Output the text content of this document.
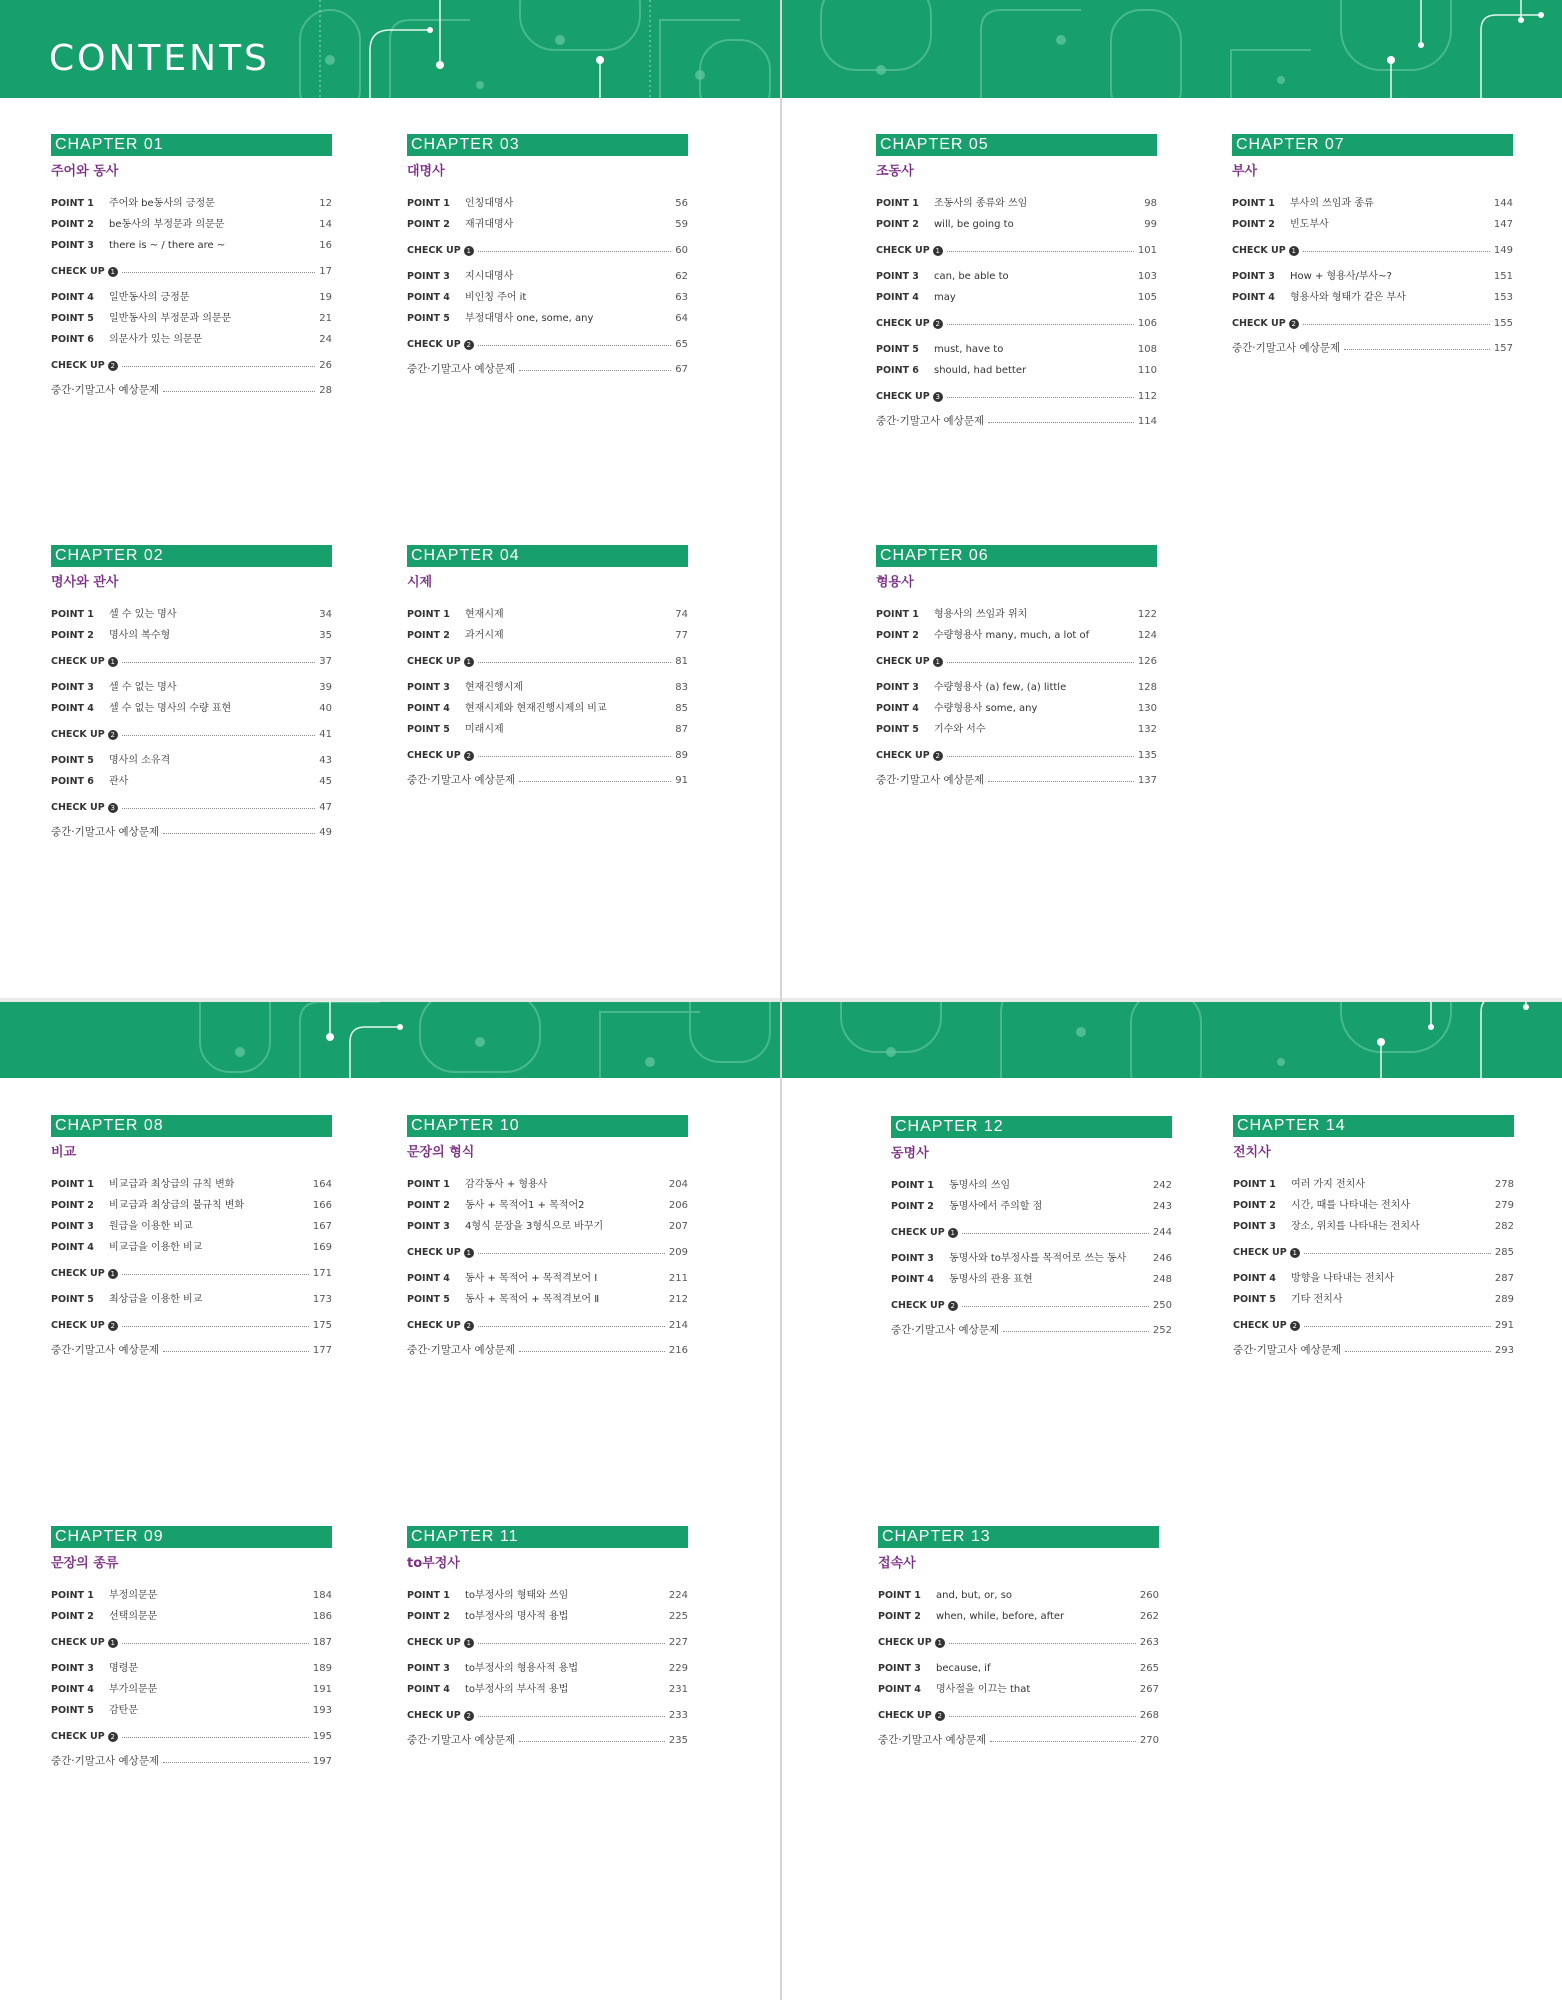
CONTENTS
CHAPTER 01
주어와 동사
POINT 1 주어와 be동사의 긍정문	12
POINT 2 be동사의 부정문과 의문문	14
POINT 3 there is ~ / there are ~	16
CHECK UP 1	17
POINT 4 일반동사의 긍정문	19
POINT 5 일반동사의 부정문과 의문문	21
POINT 6 의문사가 있는 의문문	24
CHECK UP 2	26
중간·기말고사 예상문제	28
CHAPTER 03
대명사
POINT 1 인칭대명사	56
POINT 2 재귀대명사	59
CHECK UP 1	60
POINT 3 지시대명사	62
POINT 4 비인칭 주어 it	63
POINT 5 부정대명사 one, some, any	64
CHECK UP 2	65
중간·기말고사 예상문제	67
CHAPTER 02
명사와 관사
POINT 1 셀 수 있는 명사	34
POINT 2 명사의 복수형	35
CHECK UP 1	37
POINT 3 셀 수 없는 명사	39
POINT 4 셀 수 없는 명사의 수량 표현	40
CHECK UP 2	41
POINT 5 명사의 소유격	43
POINT 6 관사	45
CHECK UP 3	47
중간·기말고사 예상문제	49
CHAPTER 04
시제
POINT 1 현재시제	74
POINT 2 과거시제	77
CHECK UP 1	81
POINT 3 현재진행시제	83
POINT 4 현재시제와 현재진행시제의 비교	85
POINT 5 미래시제	87
CHECK UP 2	89
중간·기말고사 예상문제	91
CHAPTER 05
조동사
POINT 1 조동사의 종류와 쓰임	98
POINT 2 will, be going to	99
CHECK UP 1	101
POINT 3 can, be able to	103
POINT 4 may	105
CHECK UP 2	106
POINT 5 must, have to	108
POINT 6 should, had better	110
CHECK UP 3	112
중간·기말고사 예상문제	114
CHAPTER 07
부사
POINT 1 부사의 쓰임과 종류	144
POINT 2 빈도부사	147
CHECK UP 1	149
POINT 3 How + 형용사/부사~?	151
POINT 4 형용사와 형태가 같은 부사	153
CHECK UP 2	155
중간·기말고사 예상문제	157
CHAPTER 06
형용사
POINT 1 형용사의 쓰임과 위치	122
POINT 2 수량형용사 many, much, a lot of	124
CHECK UP 1	126
POINT 3 수량형용사 (a) few, (a) little	128
POINT 4 수량형용사 some, any	130
POINT 5 기수와 서수	132
CHECK UP 2	135
중간·기말고사 예상문제	137
CHAPTER 08
비교
POINT 1 비교급과 최상급의 규칙 변화	164
POINT 2 비교급과 최상급의 불규칙 변화	166
POINT 3 원급을 이용한 비교	167
POINT 4 비교급을 이용한 비교	169
CHECK UP 1	171
POINT 5 최상급을 이용한 비교	173
CHECK UP 2	175
중간·기말고사 예상문제	177
CHAPTER 10
문장의 형식
POINT 1 감각동사 + 형용사	204
POINT 2 동사 + 목적어1 + 목적어2	206
POINT 3 4형식 문장을 3형식으로 바꾸기	207
CHECK UP 1	209
POINT 4 동사 + 목적어 + 목적격보어 Ⅰ	211
POINT 5 동사 + 목적어 + 목적격보어 Ⅱ	212
CHECK UP 2	214
중간·기말고사 예상문제	216
CHAPTER 09
문장의 종류
POINT 1 부정의문문	184
POINT 2 선택의문문	186
CHECK UP 1	187
POINT 3 명령문	189
POINT 4 부가의문문	191
POINT 5 감탄문	193
CHECK UP 2	195
중간·기말고사 예상문제	197
CHAPTER 11
to부정사
POINT 1 to부정사의 형태와 쓰임	224
POINT 2 to부정사의 명사적 용법	225
CHECK UP 1	227
POINT 3 to부정사의 형용사적 용법	229
POINT 4 to부정사의 부사적 용법	231
CHECK UP 2	233
중간·기말고사 예상문제	235
CHAPTER 12
동명사
POINT 1 동명사의 쓰임	242
POINT 2 동명사에서 주의할 점	243
CHECK UP 1	244
POINT 3 동명사와 to부정사를 목적어로 쓰는 동사	246
POINT 4 동명사의 관용 표현	248
CHECK UP 2	250
중간·기말고사 예상문제	252
CHAPTER 14
전치사
POINT 1 여러 가지 전치사	278
POINT 2 시간, 때를 나타내는 전치사	279
POINT 3 장소, 위치를 나타내는 전치사	282
CHECK UP 1	285
POINT 4 방향을 나타내는 전치사	287
POINT 5 기타 전치사	289
CHECK UP 2	291
중간·기말고사 예상문제	293
CHAPTER 13
접속사
POINT 1 and, but, or, so	260
POINT 2 when, while, before, after	262
CHECK UP 1	263
POINT 3 because, if	265
POINT 4 명사절을 이끄는 that	267
CHECK UP 2	268
중간·기말고사 예상문제	270
